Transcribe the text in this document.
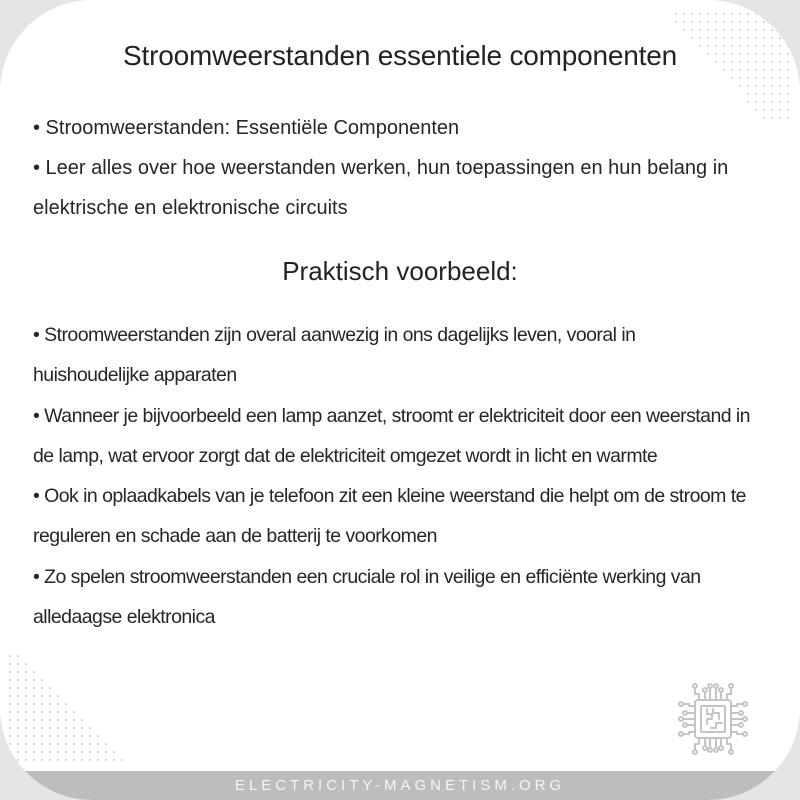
Stroomweerstanden essentiele componenten

• Stroomweerstanden: Essentiële Componenten

• Leer alles over hoe weerstanden werken, hun toepassingen en hun belang in elektrische en elektronische circuits

Praktisch voorbeeld:

• Stroomweerstanden zijn overal aanwezig in ons dagelijks leven, vooral in huishoudelijke apparaten

• Wanneer je bijvoorbeeld een lamp aanzet, stroomt er elektriciteit door een weerstand in de lamp, wat ervoor zorgt dat de elektriciteit omgezet wordt in licht en warmte

• Ook in oplaadkabels van je telefoon zit een kleine weerstand die helpt om de stroom te reguleren en schade aan de batterij te voorkomen

• Zo spelen stroomweerstanden een cruciale rol in veilige en efficiënte werking van alledaagse elektronica

ELECTRICITY-MAGNETISM.ORG
